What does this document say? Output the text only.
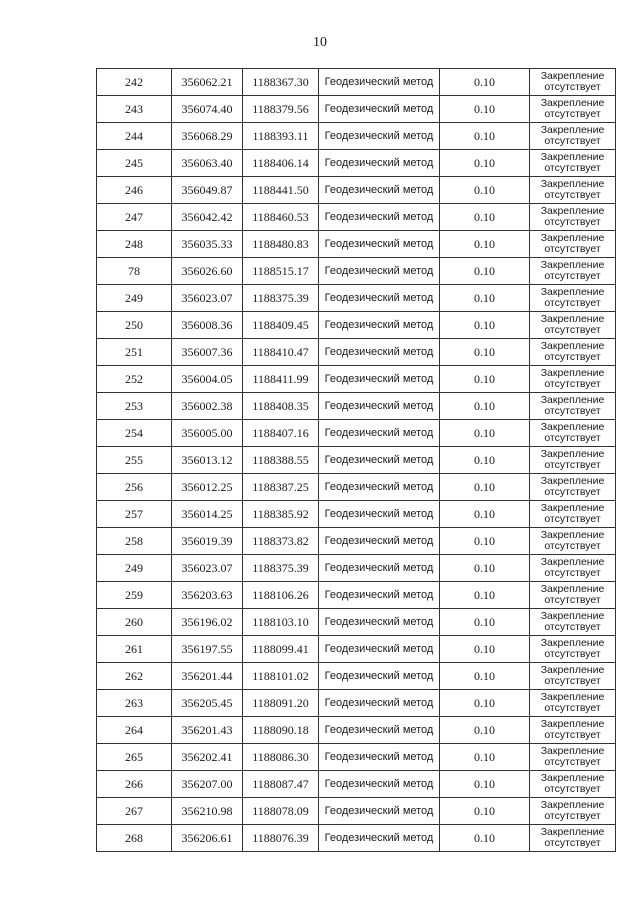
10
242	356062.21	1188367.30	Геодезический метод	0.10	Закрепление отсутствует
243	356074.40	1188379.56	Геодезический метод	0.10	Закрепление отсутствует
244	356068.29	1188393.11	Геодезический метод	0.10	Закрепление отсутствует
245	356063.40	1188406.14	Геодезический метод	0.10	Закрепление отсутствует
246	356049.87	1188441.50	Геодезический метод	0.10	Закрепление отсутствует
247	356042.42	1188460.53	Геодезический метод	0.10	Закрепление отсутствует
248	356035.33	1188480.83	Геодезический метод	0.10	Закрепление отсутствует
78	356026.60	1188515.17	Геодезический метод	0.10	Закрепление отсутствует
249	356023.07	1188375.39	Геодезический метод	0.10	Закрепление отсутствует
250	356008.36	1188409.45	Геодезический метод	0.10	Закрепление отсутствует
251	356007.36	1188410.47	Геодезический метод	0.10	Закрепление отсутствует
252	356004.05	1188411.99	Геодезический метод	0.10	Закрепление отсутствует
253	356002.38	1188408.35	Геодезический метод	0.10	Закрепление отсутствует
254	356005.00	1188407.16	Геодезический метод	0.10	Закрепление отсутствует
255	356013.12	1188388.55	Геодезический метод	0.10	Закрепление отсутствует
256	356012.25	1188387.25	Геодезический метод	0.10	Закрепление отсутствует
257	356014.25	1188385.92	Геодезический метод	0.10	Закрепление отсутствует
258	356019.39	1188373.82	Геодезический метод	0.10	Закрепление отсутствует
249	356023.07	1188375.39	Геодезический метод	0.10	Закрепление отсутствует
259	356203.63	1188106.26	Геодезический метод	0.10	Закрепление отсутствует
260	356196.02	1188103.10	Геодезический метод	0.10	Закрепление отсутствует
261	356197.55	1188099.41	Геодезический метод	0.10	Закрепление отсутствует
262	356201.44	1188101.02	Геодезический метод	0.10	Закрепление отсутствует
263	356205.45	1188091.20	Геодезический метод	0.10	Закрепление отсутствует
264	356201.43	1188090.18	Геодезический метод	0.10	Закрепление отсутствует
265	356202.41	1188086.30	Геодезический метод	0.10	Закрепление отсутствует
266	356207.00	1188087.47	Геодезический метод	0.10	Закрепление отсутствует
267	356210.98	1188078.09	Геодезический метод	0.10	Закрепление отсутствует
268	356206.61	1188076.39	Геодезический метод	0.10	Закрепление отсутствует
